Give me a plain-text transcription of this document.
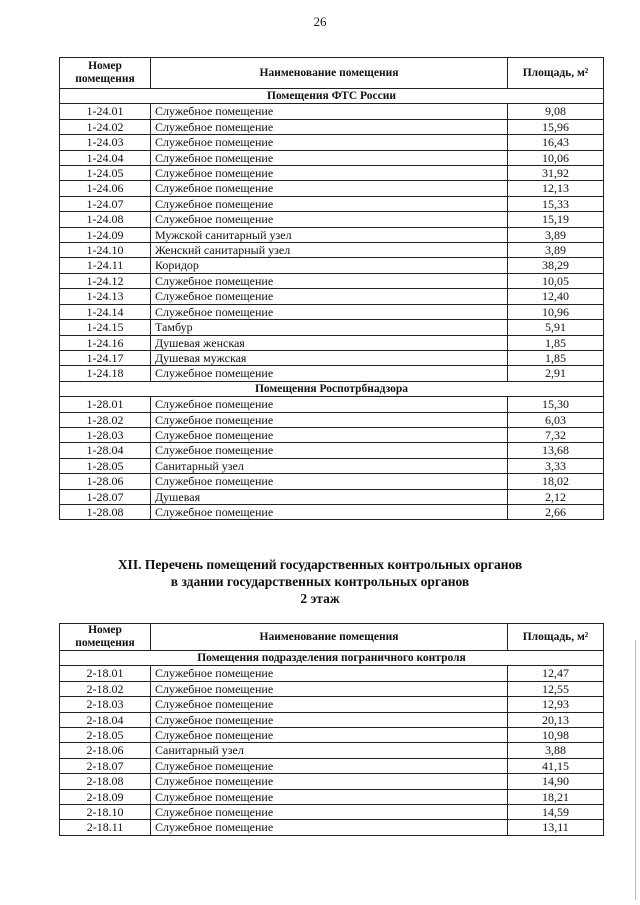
26
Номер помещения	Наименование помещения	Площадь, м²
Помещения ФТС России		
1-24.01	Служебное помещение	9,08
1-24.02	Служебное помещение	15,96
1-24.03	Служебное помещение	16,43
1-24.04	Служебное помещение	10,06
1-24.05	Служебное помещение	31,92
1-24.06	Служебное помещение	12,13
1-24.07	Служебное помещение	15,33
1-24.08	Служебное помещение	15,19
1-24.09	Мужской санитарный узел	3,89
1-24.10	Женский санитарный узел	3,89
1-24.11	Коридор	38,29
1-24.12	Служебное помещение	10,05
1-24.13	Служебное помещение	12,40
1-24.14	Служебное помещение	10,96
1-24.15	Тамбур	5,91
1-24.16	Душевая женская	1,85
1-24.17	Душевая мужская	1,85
1-24.18	Служебное помещение	2,91
Помещения Роспотрбнадзора		
1-28.01	Служебное помещение	15,30
1-28.02	Служебное помещение	6,03
1-28.03	Служебное помещение	7,32
1-28.04	Служебное помещение	13,68
1-28.05	Санитарный узел	3,33
1-28.06	Служебное помещение	18,02
1-28.07	Душевая	2,12
1-28.08	Служебное помещение	2,66
XII. Перечень помещений государственных контрольных органов
в здании государственных контрольных органов
2 этаж
Номер помещения	Наименование помещения	Площадь, м²
Помещения подразделения пограничного контроля		
2-18.01	Служебное помещение	12,47
2-18.02	Служебное помещение	12,55
2-18.03	Служебное помещение	12,93
2-18.04	Служебное помещение	20,13
2-18.05	Служебное помещение	10,98
2-18.06	Санитарный узел	3,88
2-18.07	Служебное помещение	41,15
2-18.08	Служебное помещение	14,90
2-18.09	Служебное помещение	18,21
2-18.10	Служебное помещение	14,59
2-18.11	Служебное помещение	13,11
